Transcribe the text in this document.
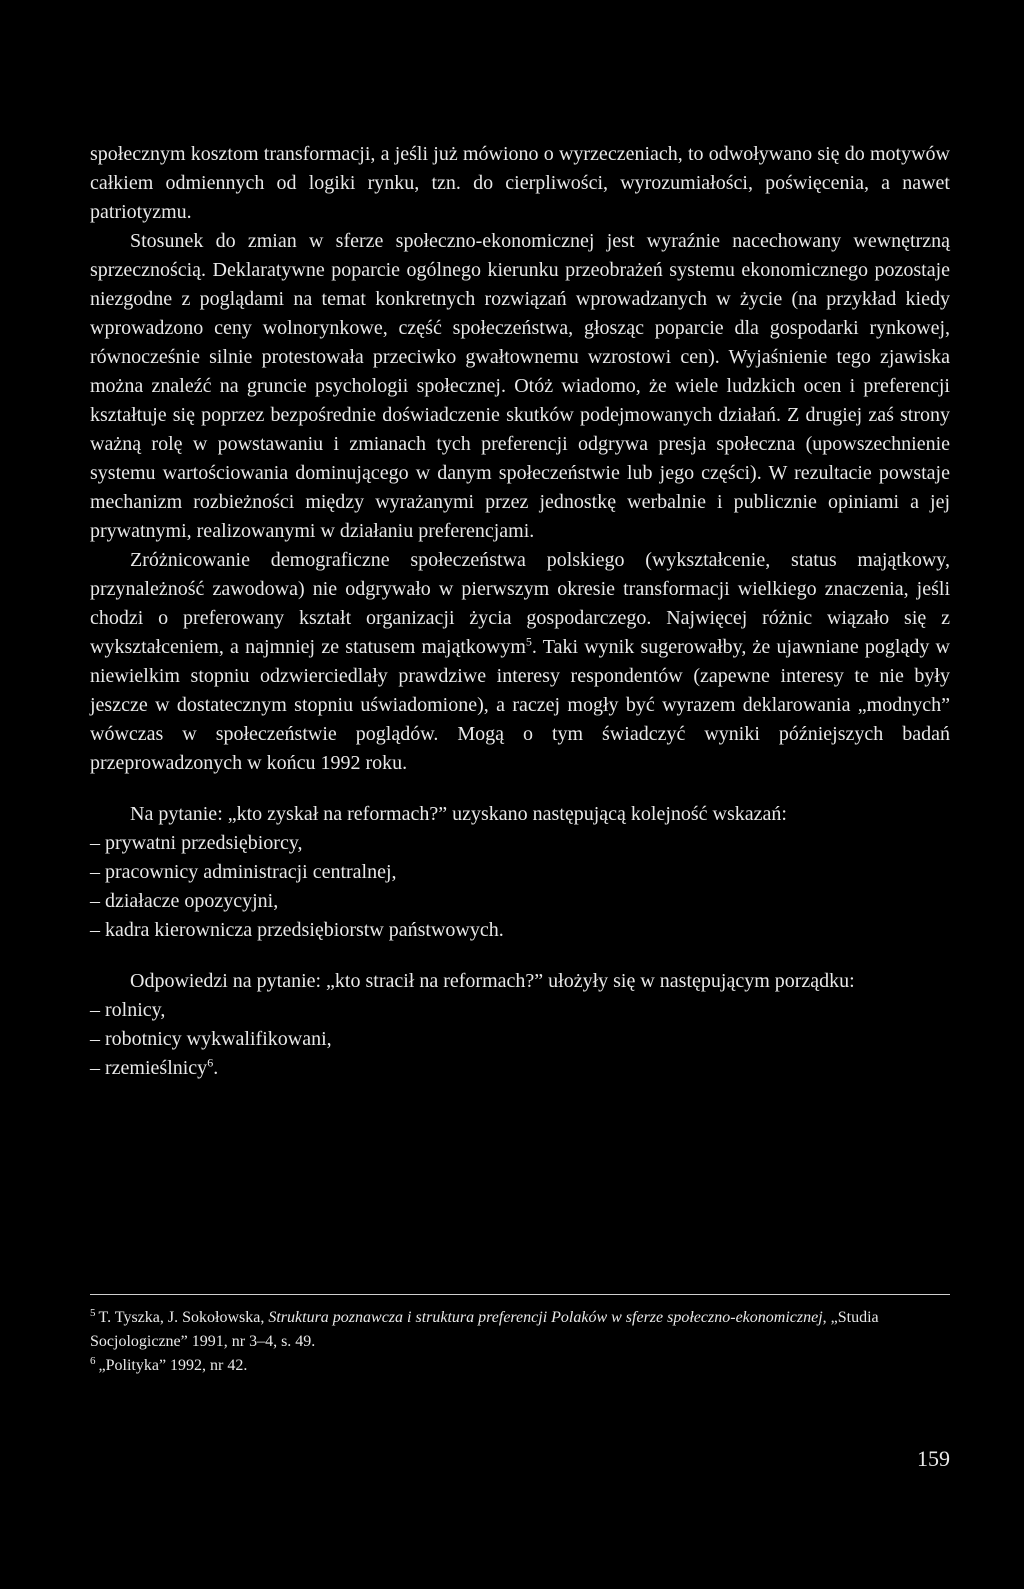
społecznym kosztom transformacji, a jeśli już mówiono o wyrzeczeniach, to odwoływano się do motywów całkiem odmiennych od logiki rynku, tzn. do cierpliwości, wyrozumiałości, poświęcenia, a nawet patriotyzmu.

Stosunek do zmian w sferze społeczno-ekonomicznej jest wyraźnie nacechowany wewnętrzną sprzecznością. Deklaratywne poparcie ogólnego kierunku przeobrażeń systemu ekonomicznego pozostaje niezgodne z poglądami na temat konkretnych rozwiązań wprowadzanych w życie (na przykład kiedy wprowadzono ceny wolnorynkowe, część społeczeństwa, głosząc poparcie dla gospodarki rynkowej, równocześnie silnie protestowała przeciwko gwałtownemu wzrostowi cen). Wyjaśnienie tego zjawiska można znaleźć na gruncie psychologii społecznej. Otóż wiadomo, że wiele ludzkich ocen i preferencji kształtuje się poprzez bezpośrednie doświadczenie skutków podejmowanych działań. Z drugiej zaś strony ważną rolę w powstawaniu i zmianach tych preferencji odgrywa presja społeczna (upowszechnienie systemu wartościowania dominującego w danym społeczeństwie lub jego części). W rezultacie powstaje mechanizm rozbieżności między wyrażanymi przez jednostkę werbalnie i publicznie opiniami a jej prywatnymi, realizowanymi w działaniu preferencjami.

Zróżnicowanie demograficzne społeczeństwa polskiego (wykształcenie, status majątkowy, przynależność zawodowa) nie odgrywało w pierwszym okresie transformacji wielkiego znaczenia, jeśli chodzi o preferowany kształt organizacji życia gospodarczego. Najwięcej różnic wiązało się z wykształceniem, a najmniej ze statusem majątkowym$^5$. Taki wynik sugerowałby, że ujawniane poglądy w niewielkim stopniu odzwierciedlały prawdziwe interesy respondentów (zapewne interesy te nie były jeszcze w dostatecznym stopniu uświadomione), a raczej mogły być wyrazem deklarowania „modnych” wówczas w społeczeństwie poglądów. Mogą o tym świadczyć wyniki późniejszych badań przeprowadzonych w końcu 1992 roku.

Na pytanie: „kto zyskał na reformach?” uzyskano następującą kolejność wskazań:

– prywatni przedsiębiorcy,
– pracownicy administracji centralnej,
– działacze opozycyjni,
– kadra kierownicza przedsiębiorstw państwowych.

Odpowiedzi na pytanie: „kto stracił na reformach?” ułożyły się w następującym porządku:

– rolnicy,
– robotnicy wykwalifikowani,
– rzemieślnicy$^6$.

$^5$ T. Tyszka, J. Sokołowska, Struktura poznawcza i struktura preferencji Polaków w sferze społeczno-ekonomicznej, „Studia Socjologiczne” 1991, nr 3–4, s. 49.

$^6$ „Polityka” 1992, nr 42.

159
